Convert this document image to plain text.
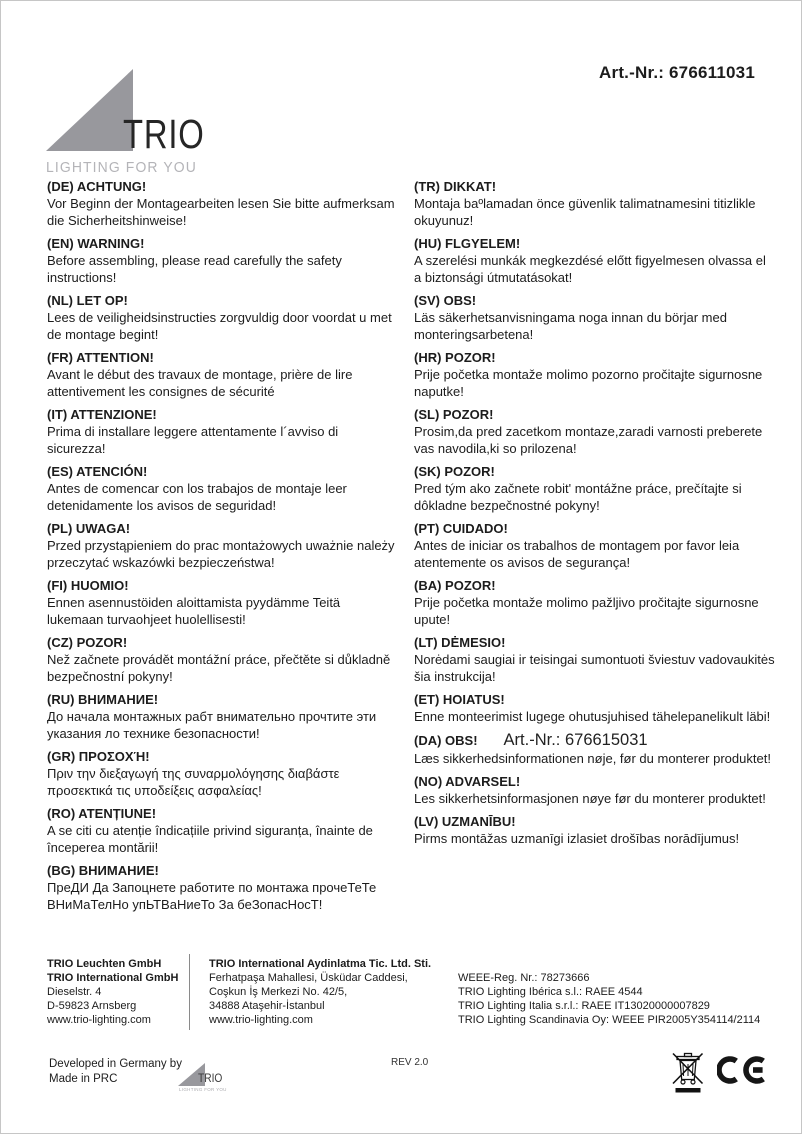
Art.-Nr.: 676611031
TRIO
LIGHTING FOR YOU

(DE) ACHTUNG!

Vor Beginn der Montagearbeiten lesen Sie bitte aufmerksam die Sicherheitshinweise!

(EN) WARNING!

Before assembling, please read carefully the safety instructions!

(NL) LET OP!

Lees de veiligheidsinstructies zorgvuldig door voordat u met de montage begint!

(FR) ATTENTION!

Avant le début des travaux de montage, prière de lire attentivement les consignes de sécurité

(IT) ATTENZIONE!

Prima di installare leggere attentamente l´avviso di sicurezza!

(ES) ATENCIÓN!

Antes de comencar con los trabajos de montaje leer detenidamente los avisos de seguridad!

(PL) UWAGA!

Przed przystąpieniem do prac montażowych uważnie należy przeczytać wskazówki bezpieczeństwa!

(FI) HUOMIO!

Ennen asennustöiden aloittamista pyydämme Teitä lukemaan turvaohjeet huolellisesti!

(CZ) POZOR!

Než začnete provádět montážní práce, přečtěte si důkladně bezpečnostní pokyny!

(RU) ВНИМАНИЕ!

До начала монтажных рабт внимательно прочтите эти указания ло технике безопасности!

(GR) ΠΡΟΣΟΧΉ!

Πριν την διεξαγωγή της συναρμολόγησης διαβάστε προσεκτικά τις υποδείξεις ασφαλείας!

(RO) ATENȚIUNE!

A se citi cu atenție îndicațiile privind siguranța, înainte de începerea montării!

(BG) ВНИМАНИЕ!

ПреДИ Да Запоцнете работите по монтажа прочеТеТе ВНиМаТелНо упЬТВаНиеТо За беЗопасНосТ!

(TR) DIKKAT!

Montaja baºlamadan önce güvenlik talimatnamesini titizlikle okuyunuz!

(HU) FLGYELEM!

A szerelési munkák megkezdésé előtt figyelmesen olvassa el a biztonsági útmutatásokat!

(SV) OBS!

Läs säkerhetsanvisningama noga innan du börjar med monteringsarbetena!

(HR) POZOR!

Prije početka montaže molimo pozorno pročitajte sigurnosne naputke!

(SL) POZOR!

Prosim,da pred zacetkom montaze,zaradi varnosti preberete vas navodila,ki so prilozena!

(SK) POZOR!

Pred tým ako začnete robit' montážne práce, prečítajte si dôkladne bezpečnostné pokyny!

(PT) CUIDADO!

Antes de iniciar os trabalhos de montagem por favor leia atentemente os avisos de segurança!

(BA) POZOR!

Prije početka montaže molimo pažljivo pročitajte sigurnosne upute!

(LT) DĖMESIO!

Norėdami saugiai ir teisingai sumontuoti šviestuv vadovaukitės šia instrukcija!

(ET) HOIATUS!

Enne monteerimist lugege ohutusjuhised tähelepanelikult läbi!

(DA) OBS! Art.-Nr.: 676615031

Læs sikkerhedsinformationen nøje, før du monterer produktet!

(NO) ADVARSEL!

Les sikkerhetsinformasjonen nøye før du monterer produktet!

(LV) UZMANĪBU!

Pirms montāžas uzmanīgi izlasiet drošības norādījumus!

TRIO Leuchten GmbH

TRIO International GmbH

Dieselstr. 4

D-59823 Arnsberg

www.trio-lighting.com

TRIO International Aydinlatma Tic. Ltd. Sti.

Ferhatpaşa Mahallesi, Üsküdar Caddesi,

Coşkun İş Merkezi No. 42/5,

34888 Ataşehir-İstanbul

www.trio-lighting.com

WEEE-Reg. Nr.: 78273666

TRIO Lighting Ibérica s.l.: RAEE 4544

TRIO Lighting Italia s.r.l.: RAEE IT13020000007829

TRIO Lighting Scandinavia Oy: WEEE PIR2005Y354114/2114

Developed in Germany by

Made in PRC	TRIO
LIGHTING FOR YOU
REV 2.0
